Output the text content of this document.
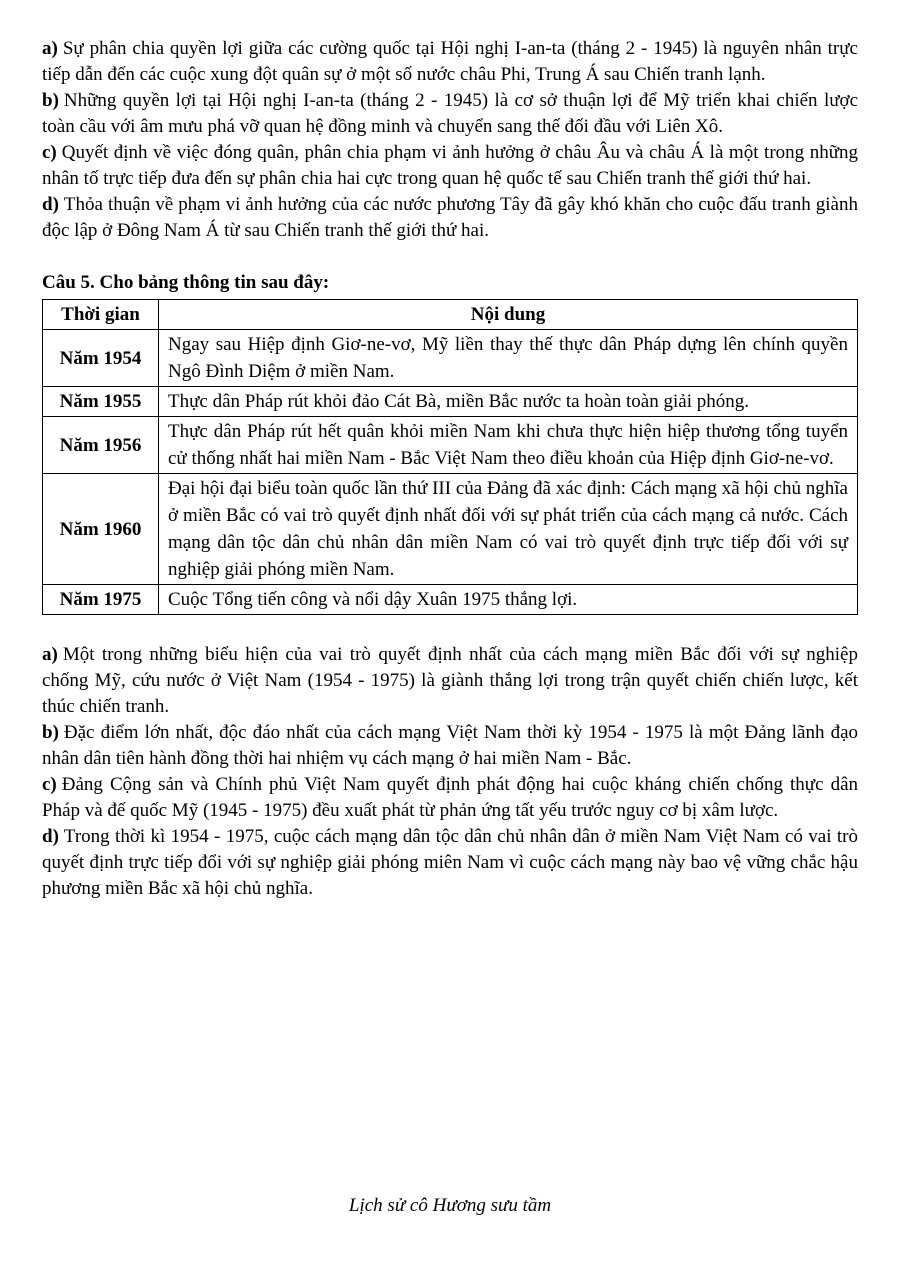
a) Sự phân chia quyền lợi giữa các cường quốc tại Hội nghị I-an-ta (tháng 2 - 1945) là nguyên nhân trực tiếp dẫn đến các cuộc xung đột quân sự ở một số nước châu Phi, Trung Á sau Chiến tranh lạnh.

b) Những quyền lợi tại Hội nghị I-an-ta (tháng 2 - 1945) là cơ sở thuận lợi để Mỹ triển khai chiến lược toàn cầu với âm mưu phá vỡ quan hệ đồng minh và chuyển sang thế đối đầu với Liên Xô.

c) Quyết định về việc đóng quân, phân chia phạm vi ảnh hưởng ở châu Âu và châu Á là một trong những nhân tố trực tiếp đưa đến sự phân chia hai cực trong quan hệ quốc tế sau Chiến tranh thế giới thứ hai.

d) Thỏa thuận về phạm vi ảnh hưởng của các nước phương Tây đã gây khó khăn cho cuộc đấu tranh giành độc lập ở Đông Nam Á từ sau Chiến tranh thế giới thứ hai.

Câu 5. Cho bảng thông tin sau đây:

Thời gian	Nội dung
Năm 1954	Ngay sau Hiệp định Giơ-ne-vơ, Mỹ liền thay thế thực dân Pháp dựng lên chính quyền Ngô Đình Diệm ở miền Nam.
Năm 1955	Thực dân Pháp rút khỏi đảo Cát Bà, miền Bắc nước ta hoàn toàn giải phóng.
Năm 1956	Thực dân Pháp rút hết quân khỏi miền Nam khi chưa thực hiện hiệp thương tổng tuyển cử thống nhất hai miền Nam - Bắc Việt Nam theo điều khoản của Hiệp định Giơ-ne-vơ.
Năm 1960	Đại hội đại biểu toàn quốc lần thứ III của Đảng đã xác định: Cách mạng xã hội chủ nghĩa ở miền Bắc có vai trò quyết định nhất đối với sự phát triển của cách mạng cả nước. Cách mạng dân tộc dân chủ nhân dân miền Nam có vai trò quyết định trực tiếp đối với sự nghiệp giải phóng miền Nam.
Năm 1975	Cuộc Tổng tiến công và nổi dậy Xuân 1975 thắng lợi.

a) Một trong những biểu hiện của vai trò quyết định nhất của cách mạng miền Bắc đối với sự nghiệp chống Mỹ, cứu nước ở Việt Nam (1954 - 1975) là giành thắng lợi trong trận quyết chiến chiến lược, kết thúc chiến tranh.

b) Đặc điểm lớn nhất, độc đáo nhất của cách mạng Việt Nam thời kỳ 1954 - 1975 là một Đảng lãnh đạo nhân dân tiên hành đồng thời hai nhiệm vụ cách mạng ở hai miền Nam - Bắc.

c) Đảng Cộng sản và Chính phủ Việt Nam quyết định phát động hai cuộc kháng chiến chống thực dân Pháp và đế quốc Mỹ (1945 - 1975) đều xuất phát từ phản ứng tất yếu trước nguy cơ bị xâm lược.

d) Trong thời kì 1954 - 1975, cuộc cách mạng dân tộc dân chủ nhân dân ở miền Nam Việt Nam có vai trò quyết định trực tiếp đổi với sự nghiệp giải phóng miên Nam vì cuộc cách mạng này bao vệ vững chắc hậu phương miền Bắc xã hội chủ nghĩa.

Lịch sử cô Hương sưu tầm
